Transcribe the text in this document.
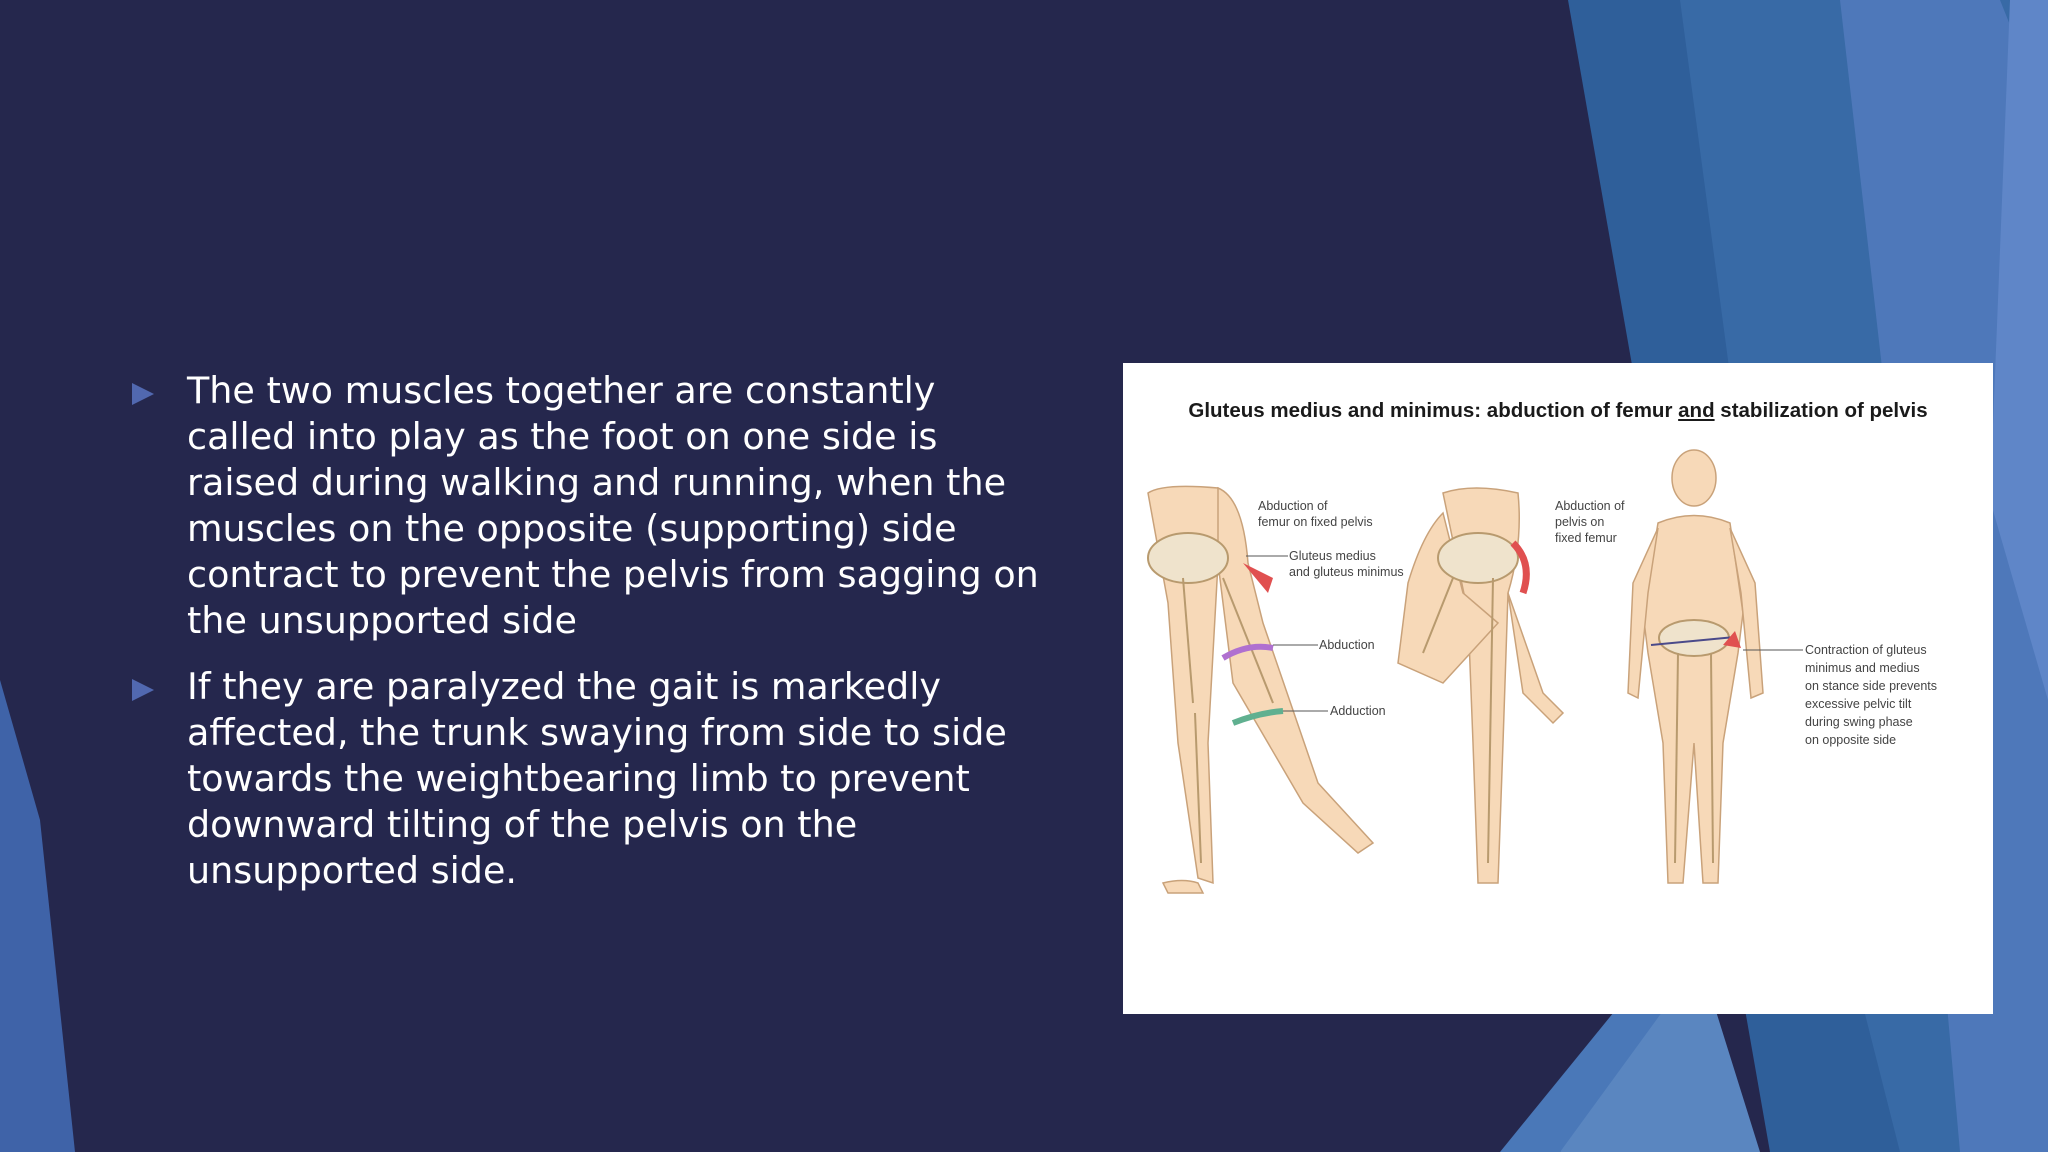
The two muscles together are constantly called into play as the foot on one side is raised during walking and running, when the muscles on the opposite (supporting) side contract to prevent the pelvis from sagging on the unsupported side
If they are paralyzed the gait is markedly affected, the trunk swaying from side to side towards the weightbearing limb to prevent downward tilting of the pelvis on the unsupported side.
Gluteus medius and minimus: abduction of femur and stabilization of pelvis
Abduction of
femur on fixed pelvis
Gluteus medius
and gluteus minimus
Abduction
Adduction
Abduction of
pelvis on
fixed femur
Contraction of gluteus
minimus and medius
on stance side prevents
excessive pelvic tilt
during swing phase
on opposite side
